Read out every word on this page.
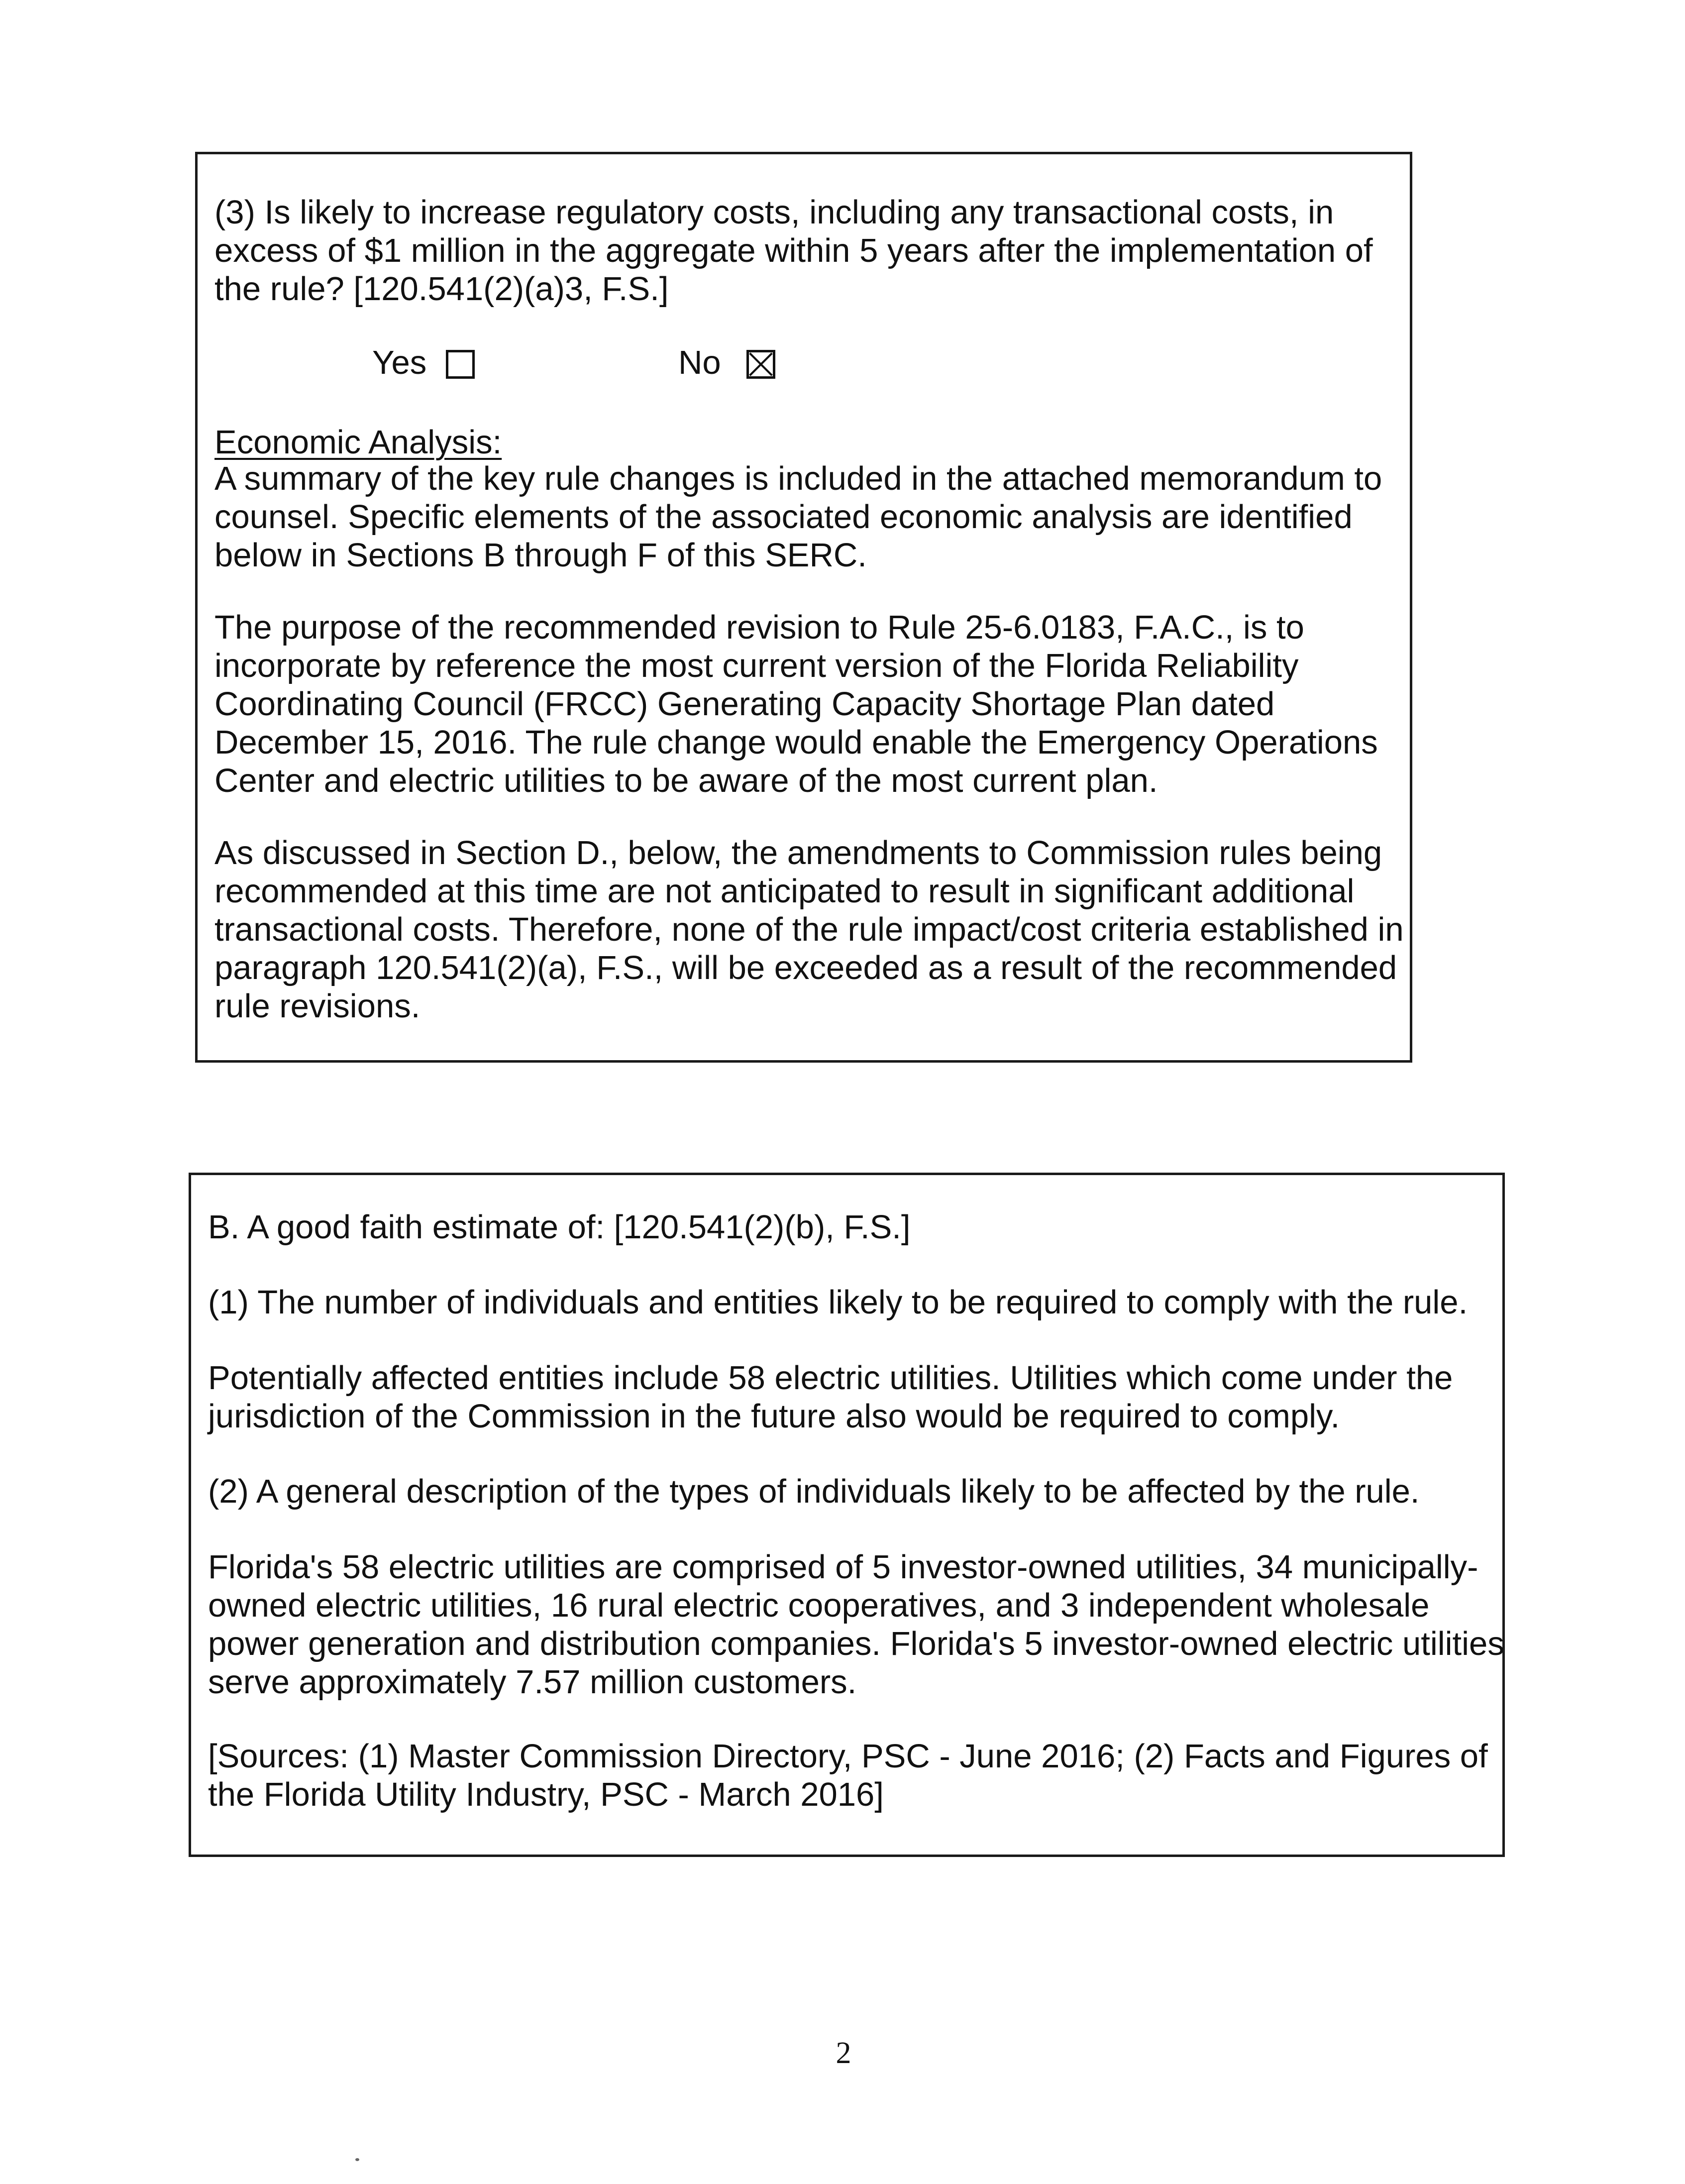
(3) Is likely to increase regulatory costs, including any transactional costs, in

excess of $1 million in the aggregate within 5 years after the implementation of

the rule? [120.541(2)(a)3, F.S.]

Yes	No

Economic Analysis:

A summary of the key rule changes is included in the attached memorandum to

counsel. Specific elements of the associated economic analysis are identified

below in Sections B through F of this SERC.

The purpose of the recommended revision to Rule 25-6.0183, F.A.C., is to

incorporate by reference the most current version of the Florida Reliability

Coordinating Council (FRCC) Generating Capacity Shortage Plan dated

December 15, 2016. The rule change would enable the Emergency Operations

Center and electric utilities to be aware of the most current plan.

As discussed in Section D., below, the amendments to Commission rules being

recommended at this time are not anticipated to result in significant additional

transactional costs. Therefore, none of the rule impact/cost criteria established in

paragraph 120.541(2)(a), F.S., will be exceeded as a result of the recommended

rule revisions.

B. A good faith estimate of: [120.541(2)(b), F.S.]

(1) The number of individuals and entities likely to be required to comply with the rule.

Potentially affected entities include 58 electric utilities. Utilities which come under the

jurisdiction of the Commission in the future also would be required to comply.

(2) A general description of the types of individuals likely to be affected by the rule.

Florida's 58 electric utilities are comprised of 5 investor-owned utilities, 34 municipally-

owned electric utilities, 16 rural electric cooperatives, and 3 independent wholesale

power generation and distribution companies. Florida's 5 investor-owned electric utilities

serve approximately 7.57 million customers.

[Sources: (1) Master Commission Directory, PSC - June 2016; (2) Facts and Figures of

the Florida Utility Industry, PSC - March 2016]

2
